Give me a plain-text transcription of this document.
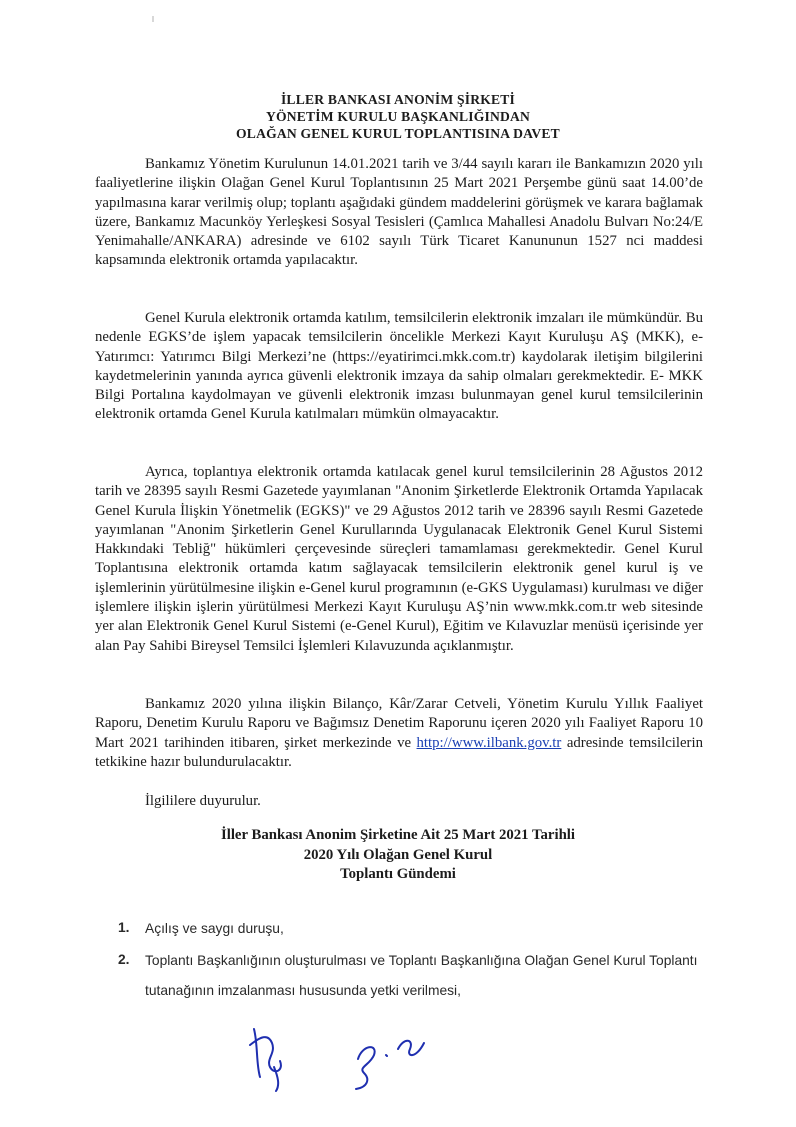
İLLER BANKASI ANONİM ŞİRKETİ
YÖNETİM KURULU BAŞKANLIĞINDAN
OLAĞAN GENEL KURUL TOPLANTISINA DAVET

Bankamız Yönetim Kurulunun 14.01.2021 tarih ve 3/44 sayılı kararı ile Bankamızın 2020 yılı faaliyetlerine ilişkin Olağan Genel Kurul Toplantısının 25 Mart 2021 Perşembe günü saat 14.00’de yapılmasına karar verilmiş olup; toplantı aşağıdaki gündem maddelerini görüşmek ve karara bağlamak üzere, Bankamız Macunköy Yerleşkesi Sosyal Tesisleri (Çamlıca Mahallesi Anadolu Bulvarı No:24/E Yenimahalle/ANKARA) adresinde ve 6102 sayılı Türk Ticaret Kanununun 1527 nci maddesi kapsamında elektronik ortamda yapılacaktır.

Genel Kurula elektronik ortamda katılım, temsilcilerin elektronik imzaları ile mümkündür. Bu nedenle EGKS’de işlem yapacak temsilcilerin öncelikle Merkezi Kayıt Kuruluşu AŞ (MKK), e-Yatırımcı: Yatırımcı Bilgi Merkezi’ne (https://eyatirimci.mkk.com.tr) kaydolarak iletişim bilgilerini kaydetmelerinin yanında ayrıca güvenli elektronik imzaya da sahip olmaları gerekmektedir. E- MKK Bilgi Portalına kaydolmayan ve güvenli elektronik imzası bulunmayan genel kurul temsilcilerinin elektronik ortamda Genel Kurula katılmaları mümkün olmayacaktır.

Ayrıca, toplantıya elektronik ortamda katılacak genel kurul temsilcilerinin 28 Ağustos 2012 tarih ve 28395 sayılı Resmi Gazetede yayımlanan "Anonim Şirketlerde Elektronik Ortamda Yapılacak Genel Kurula İlişkin Yönetmelik (EGKS)" ve 29 Ağustos 2012 tarih ve 28396 sayılı Resmi Gazetede yayımlanan "Anonim Şirketlerin Genel Kurullarında Uygulanacak Elektronik Genel Kurul Sistemi Hakkındaki Tebliğ" hükümleri çerçevesinde süreçleri tamamlaması gerekmektedir. Genel Kurul Toplantısına elektronik ortamda katım sağlayacak temsilcilerin elektronik genel kurul iş ve işlemlerinin yürütülmesine ilişkin e-Genel kurul programının (e-GKS Uygulaması) kurulması ve diğer işlemlere ilişkin işlerin yürütülmesi Merkezi Kayıt Kuruluşu AŞ’nin www.mkk.com.tr web sitesinde yer alan Elektronik Genel Kurul Sistemi (e-Genel Kurul), Eğitim ve Kılavuzlar menüsü içerisinde yer alan Pay Sahibi Bireysel Temsilci İşlemleri Kılavuzunda açıklanmıştır.

Bankamız 2020 yılına ilişkin Bilanço, Kâr/Zarar Cetveli, Yönetim Kurulu Yıllık Faaliyet Raporu, Denetim Kurulu Raporu ve Bağımsız Denetim Raporunu içeren 2020 yılı Faaliyet Raporu 10 Mart 2021 tarihinden itibaren, şirket merkezinde ve http://www.ilbank.gov.tr adresinde temsilcilerin tetkikine hazır bulundurulacaktır.

İlgililere duyurulur.
İller Bankası Anonim Şirketine Ait 25 Mart 2021 Tarihli
2020 Yılı Olağan Genel Kurul
Toplantı Gündemi
1. Açılış ve saygı duruşu,
2. Toplantı Başkanlığının oluşturulması ve Toplantı Başkanlığına Olağan Genel Kurul Toplantı tutanağının imzalanması hususunda yetki verilmesi,
